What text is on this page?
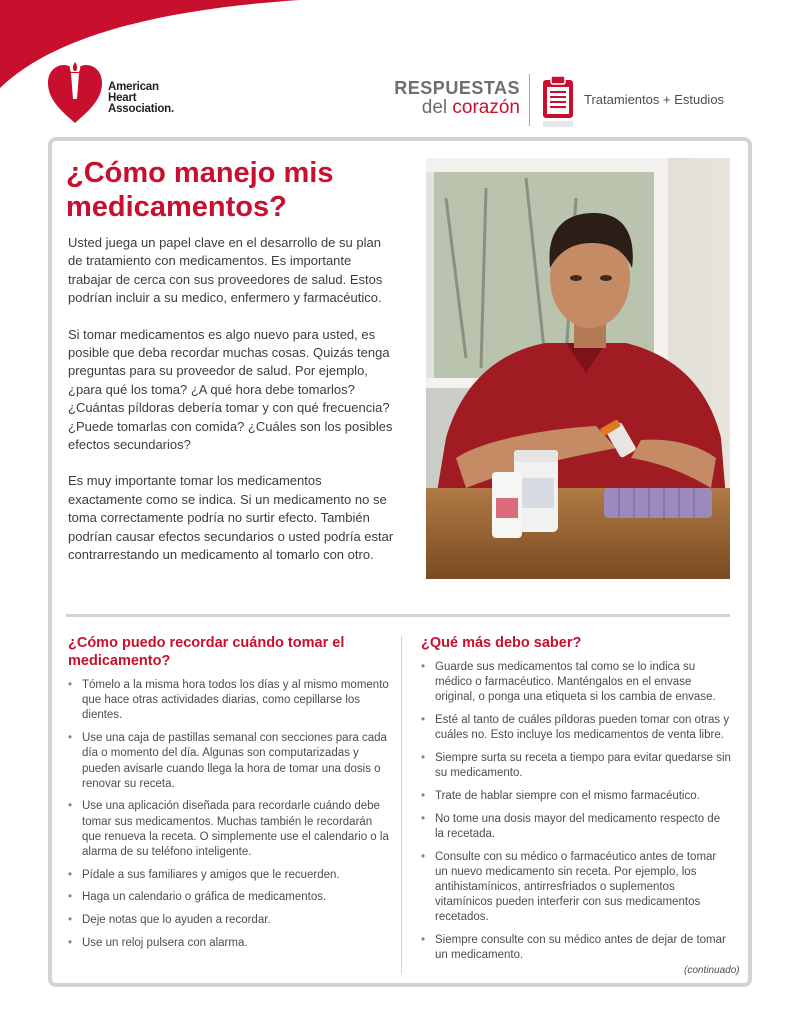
American
Heart
Association.
RESPUESTAS
del corazón	Tratamientos + Estudios
¿Cómo manejo mis medicamentos?

Usted juega un papel clave en el desarrollo de su plan de tratamiento con medicamentos. Es importante trabajar de cerca con sus proveedores de salud. Estos podrían incluir a su medico, enfermero y farmacéutico.

Si tomar medicamentos es algo nuevo para usted, es posible que deba recordar muchas cosas. Quizás tenga preguntas para su proveedor de salud. Por ejemplo, ¿para qué los toma? ¿A qué hora debe tomarlos? ¿Cuántas píldoras debería tomar y con qué frecuencia? ¿Puede tomarlas con comida? ¿Cuáles son los posibles efectos secundarios?

Es muy importante tomar los medicamentos exactamente como se indica. Si un medicamento no se toma correctamente podría no surtir efecto. También podrían causar efectos secundarios o usted podría estar contrarrestando un medicamento al tomarlo con otro.

¿Cómo puedo recordar cuándo tomar el medicamento?
• Tómelo a la misma hora todos los días y al mismo momento que hace otras actividades diarias, como cepillarse los dientes.
• Use una caja de pastillas semanal con secciones para cada día o momento del día. Algunas son computarizadas y pueden avisarle cuando llega la hora de tomar una dosis o renovar su receta.
• Use una aplicación diseñada para recordarle cuándo debe tomar sus medicamentos. Muchas también le recordarán que renueva la receta. O simplemente use el calendario o la alarma de su teléfono inteligente.
• Pídale a sus familiares y amigos que le recuerden.
• Haga un calendario o gráfica de medicamentos.
• Deje notas que lo ayuden a recordar.
• Use un reloj pulsera con alarma.
¿Qué más debo saber?
• Guarde sus medicamentos tal como se lo indica su médico o farmacéutico. Manténgalos en el envase original, o ponga una etiqueta si los cambia de envase.
• Esté al tanto de cuáles píldoras pueden tomar con otras y cuáles no. Esto incluye los medicamentos de venta libre.
• Siempre surta su receta a tiempo para evitar quedarse sin su medicamento.
• Trate de hablar siempre con el mismo farmacéutico.
• No tome una dosis mayor del medicamento respecto de la recetada.
• Consulte con su médico o farmacéutico antes de tomar un nuevo medicamento sin receta. Por ejemplo, los antihistamínicos, antirresfriados o suplementos vitamínicos pueden interferir con sus medicamentos recetados.
• Siempre consulte con su médico antes de dejar de tomar un medicamento.
(continuado)
